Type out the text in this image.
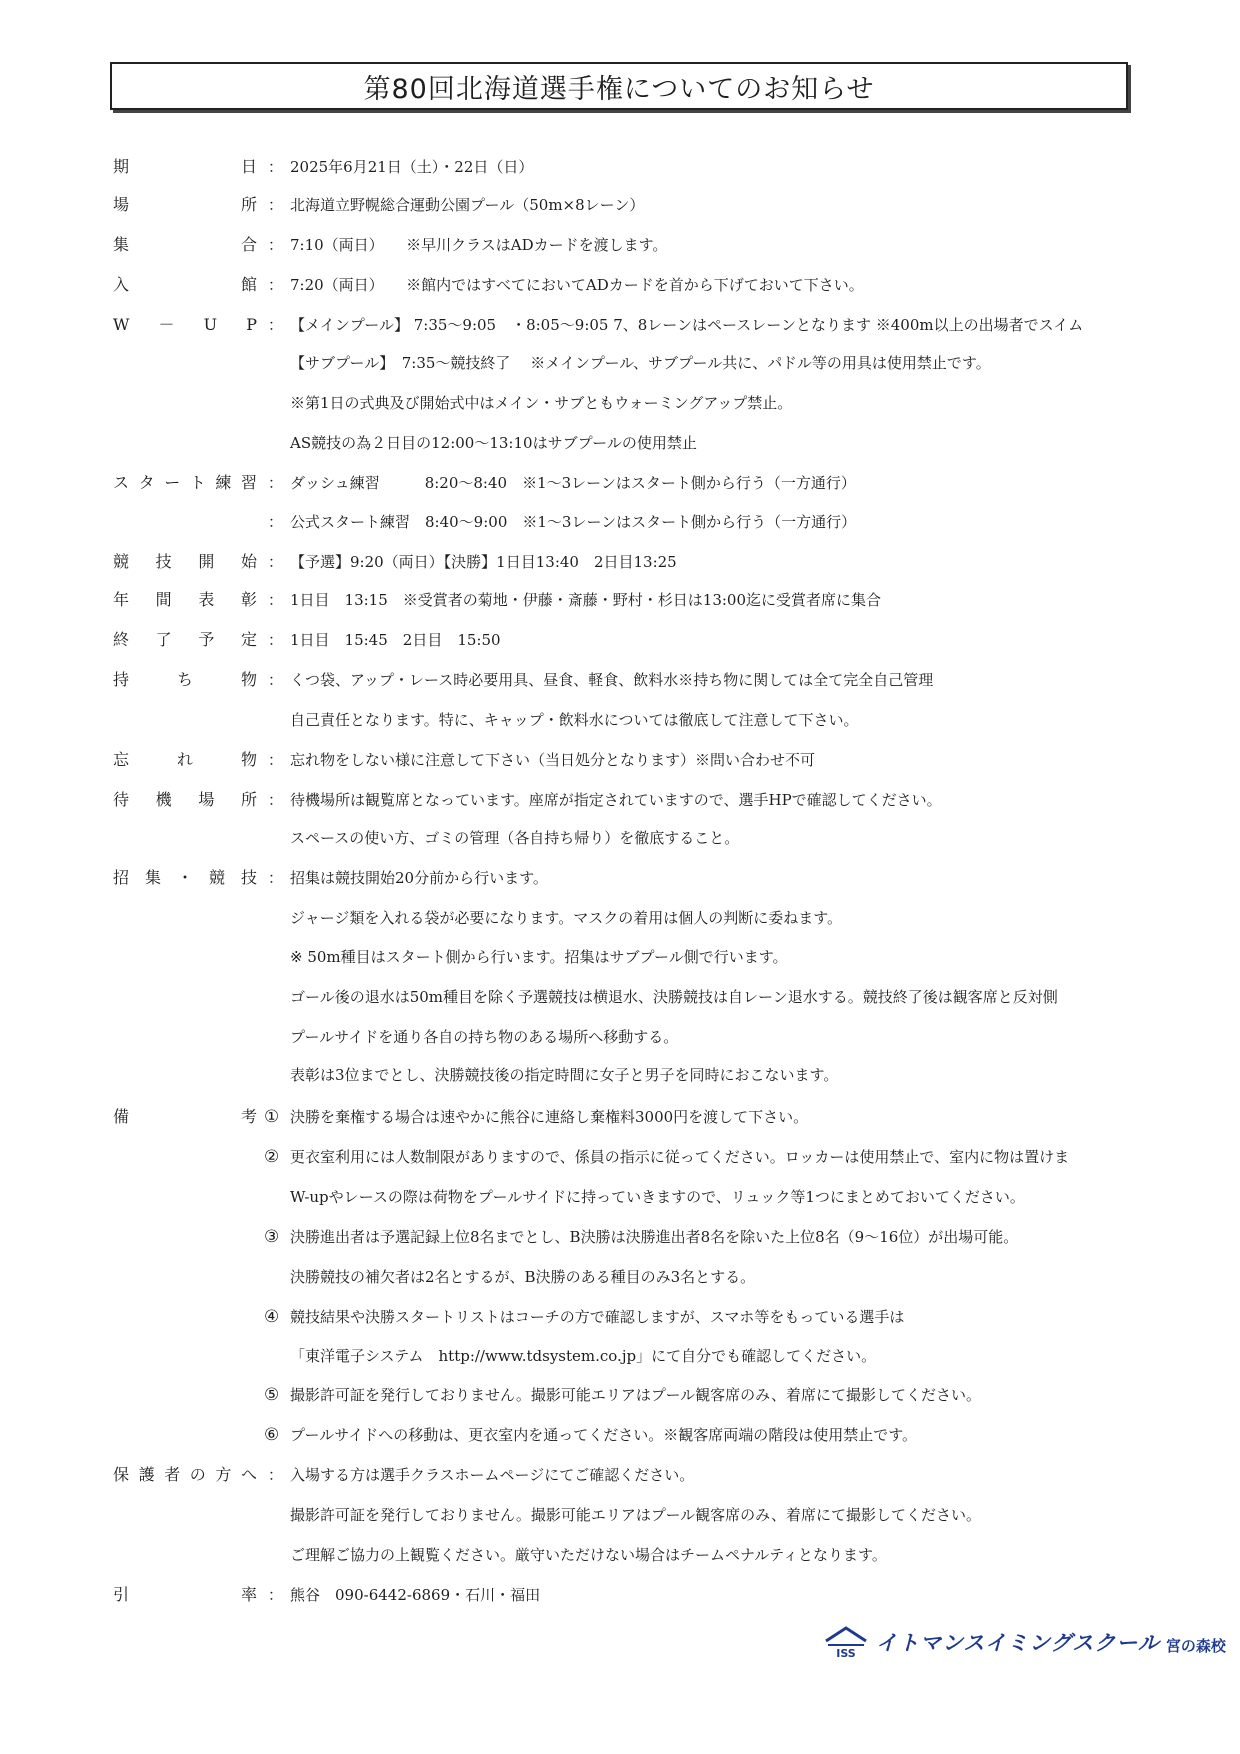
第80回北海道選手権についてのお知らせ
期	日 ： 2025年6月21日（土）・22日（日）
場	所 ： 北海道立野幌総合運動公園プール（50m×8レーン）
集	合 ： 7:10（両日）　　※早川クラスはADカードを渡します。
入	館 ： 7:20（両日）　　※館内ではすべてにおいてADカードを首から下げておいて下さい。
W － U P ： 【メインプール】 7:35～9:05　・8:05～9:05 7、8レーンはペースレーンとなります ※400m以上の出場者でスイム
【サブプール】　7:35～競技終了　 ※メインプール、サブプール共に、パドル等の用具は使用禁止です。
※第1日の式典及び開始式中はメイン・サブともウォーミングアップ禁止。
AS競技の為２日目の12:00～13:10はサブプールの使用禁止
ス タ ー ト 練 習 ： ダッシュ練習　　　8:20～8:40　※1～3レーンはスタート側から行う（一方通行）
： 公式スタート練習　8:40～9:00　※1～3レーンはスタート側から行う（一方通行）
競 技 開 始 ： 【予選】9:20（両日）【決勝】1日目13:40　2日目13:25
年 間 表 彰 ： 1日目　13:15　※受賞者の菊地・伊藤・斎藤・野村・杉日は13:00迄に受賞者席に集合
終 了 予 定 ： 1日目　15:45　2日目　15:50
持	ち	物 ： くつ袋、アップ・レース時必要用具、昼食、軽食、飲料水※持ち物に関しては全て完全自己管理
自己責任となります。特に、キャップ・飲料水については徹底して注意して下さい。
忘	れ	物 ： 忘れ物をしない様に注意して下さい（当日処分となります）※問い合わせ不可
待 機 場 所 ： 待機場所は観覧席となっています。座席が指定されていますので、選手HPで確認してください。
スペースの使い方、ゴミの管理（各自持ち帰り）を徹底すること。
招 集 ・ 競 技 ： 招集は競技開始20分前から行います。
ジャージ類を入れる袋が必要になります。マスクの着用は個人の判断に委ねます。
※ 50m種目はスタート側から行います。招集はサブプール側で行います。
ゴール後の退水は50m種目を除く予選競技は横退水、決勝競技は自レーン退水する。競技終了後は観客席と反対側
プールサイドを通り各自の持ち物のある場所へ移動する。
表彰は3位までとし、決勝競技後の指定時間に女子と男子を同時におこないます。
備	考 ① 決勝を棄権する場合は速やかに熊谷に連絡し棄権料3000円を渡して下さい。
② 更衣室利用には人数制限がありますので、係員の指示に従ってください。ロッカーは使用禁止で、室内に物は置けま
W-upやレースの際は荷物をプールサイドに持っていきますので、リュック等1つにまとめておいてください。
③ 決勝進出者は予選記録上位8名までとし、B決勝は決勝進出者8名を除いた上位8名（9～16位）が出場可能。
決勝競技の補欠者は2名とするが、B決勝のある種目のみ3名とする。
④ 競技結果や決勝スタートリストはコーチの方で確認しますが、スマホ等をもっている選手は
「東洋電子システム　http://www.tdsystem.co.jp」にて自分でも確認してください。
⑤ 撮影許可証を発行しておりません。撮影可能エリアはプール観客席のみ、着席にて撮影してください。
⑥ プールサイドへの移動は、更衣室内を通ってください。※観客席両端の階段は使用禁止です。
保 護 者 の 方 へ ： 入場する方は選手クラスホームページにてご確認ください。
撮影許可証を発行しておりません。撮影可能エリアはプール観客席のみ、着席にて撮影してください。
ご理解ご協力の上観覧ください。厳守いただけない場合はチームペナルティとなります。
引	率 ： 熊谷　090-6442-6869・石川・福田
ISS イトマンスイミングスクール 宮の森校
